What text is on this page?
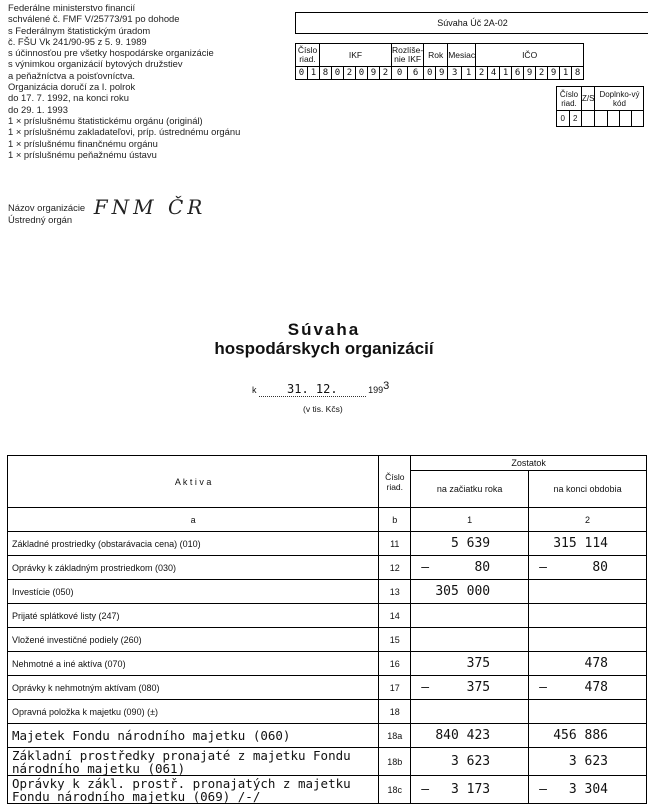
Federálne ministerstvo financií
schválené č. FMF V/25773/91 po dohode
s Federálnym štatistickým úradom
č. FŠU Vk 241/90-95 z 5. 9. 1989
s účinnosťou pre všetky hospodárske organizácie
s výnimkou organizácií bytových družstiev
a peňažníctva a poisťovníctva.
Organizácia doručí za I. polrok
do 17. 7. 1992, na konci roku
do 29. 1. 1993
1 × príslušnému štatistickému orgánu (originál)
1 × príslušnému zakladateľovi, príp. ústrednému orgánu
1 × príslušnému finančnému orgánu
1 × príslušnému peňažnému ústavu
Názov organizácie FNM ČR
Ústredný orgán
Súvaha Úč 2A-02
Číslo riad.		IKF						Rozlíše-nie IKF		Rok		Mesiac		IČO								
0	1	8	0	2	0	9	2	0	6	0	9	3	1	2	4	1	6	9	2	9	1	8
Číslo riad.		Z/S	Doplnko-vý kód			
0	2					
Súvaha
hospodárskych organizácií
k	31. 12.	$199^3$
(v tis. Kčs)
A k t i v a	Číslo riad.	Zostatok	
		na začiatku roka	na konci obdobia
a	b	1	2
Základné prostriedky (obstarávacia cena) (010)	11	5 639	315 114
Oprávky k základným prostriedkom (030)	12	— 80	— 80
Investície (050)	13	305 000	

Prijaté splátkové listy (247)	14	

Vložené investičné podiely (260)	15	

Nehmotné a iné aktíva (070)	16	375	478
Oprávky k nehmotným aktívam (080)	17	— 375	— 478
Opravná položka k majetku (090) (±)	18	

Majetek Fondu národního majetku (060)	18a	840 423	456 886
Základní prostředky pronajaté z majetku Fondu národního majetku (061)	18b	3 623	3 623
Oprávky k zákl. prostř. pronajatých z majetku Fondu národního majetku (069) /-/	18c	— 3 173	— 3 304
